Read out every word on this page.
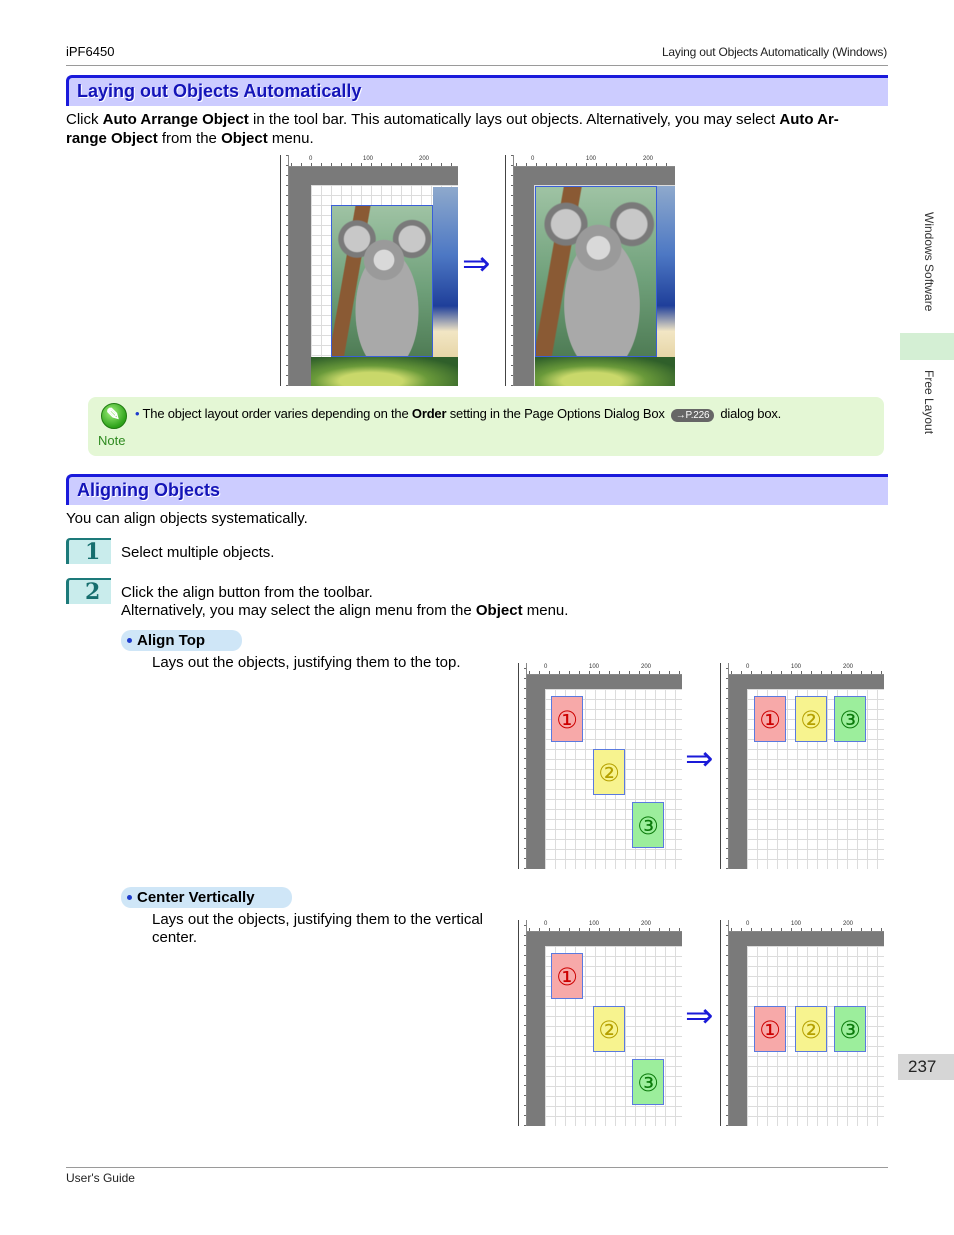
iPF6450	Laying out Objects Automatically (Windows)
Laying out Objects Automatically
Click Auto Arrange Object in the tool bar. This automatically lays out objects. Alternatively, you may select Auto Ar-
range Object from the Object menu.
0	100	200
⇒
0	100	200
✎
Note
• The object layout order varies depending on the Order setting in the Page Options Dialog Box →P.226 dialog box.
Aligning Objects
You can align objects systematically.
1 Select multiple objects.
2 Click the align button from the toolbar.
Alternatively, you may select the align menu from the Object menu.
Align Top
Lays out the objects, justifying them to the top.	0	100	200
①
②
③
⇒
0	100	200
① ② ③
Center Vertically
Lays out the objects, justifying them to the vertical
center.
0	100	200
①
②
③
⇒
0	100	200
① ② ③
Windows Software
Free Layout
237
User's Guide
